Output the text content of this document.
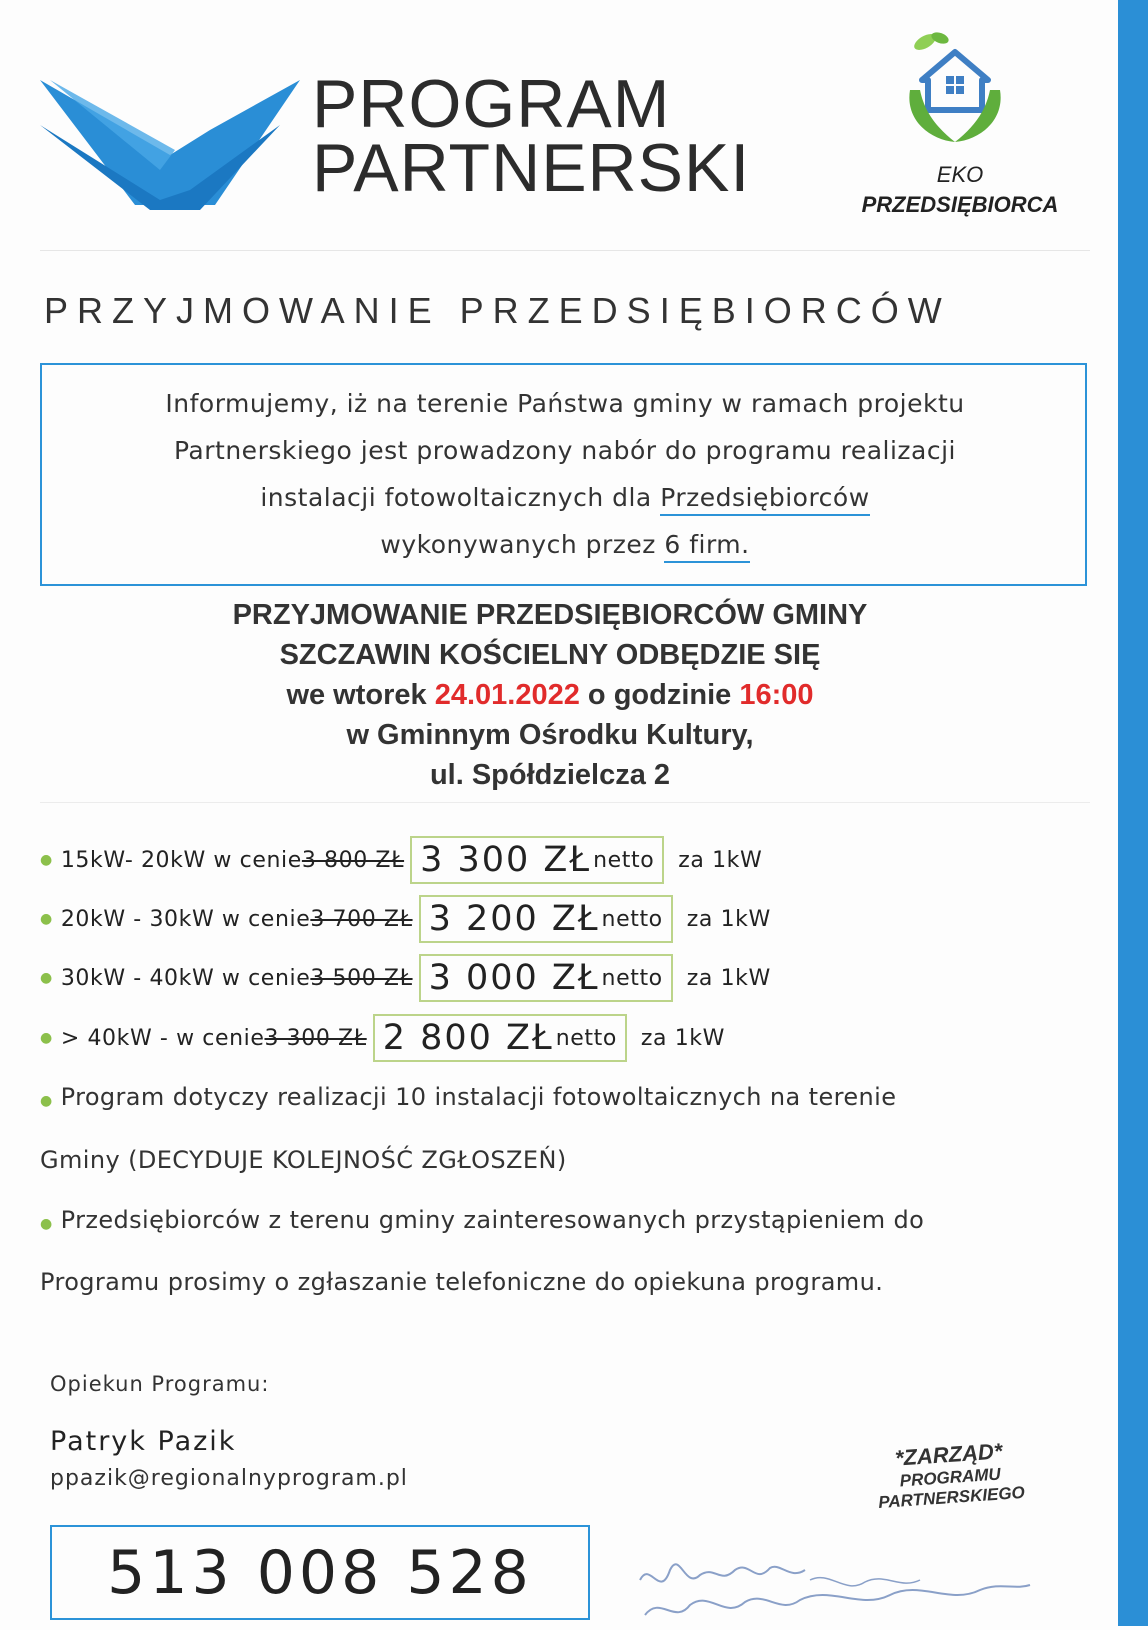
PROGRAM
PARTNERSKI	EKO
PRZEDSIĘBIORCA
PRZYJMOWANIE PRZEDSIĘBIORCÓW
Informujemy, iż na terenie Państwa gminy w ramach projektu
Partnerskiego jest prowadzony nabór do programu realizacji
instalacji fotowoltaicznych dla Przedsiębiorców
wykonywanych przez 6 firm.
PRZYJMOWANIE PRZEDSIĘBIORCÓW GMINY
SZCZAWIN KOŚCIELNY ODBĘDZIE SIĘ
we wtorek 24.01.2022 o godzinie 16:00
w Gminnym Ośrodku Kultury,
ul. Spółdzielcza 2
● 15kW- 20kW w cenie 3 800 ZŁ 3 300 ZŁ netto za 1kW
● 20kW - 30kW w cenie 3 700 ZŁ 3 200 ZŁ netto za 1kW
● 30kW - 40kW w cenie 3 500 ZŁ 3 000 ZŁ netto za 1kW
● > 40kW - w cenie 3 300 ZŁ 2 800 ZŁ netto za 1kW
● Program dotyczy realizacji 10 instalacji fotowoltaicznych na terenie
Gminy (DECYDUJE KOLEJNOŚĆ ZGŁOSZEŃ)
● Przedsiębiorców z terenu gminy zainteresowanych przystąpieniem do
Programu prosimy o zgłaszanie telefoniczne do opiekuna programu.
Opiekun Programu:
Patryk Pazik
ppazik@regionalnyprogram.pl
513 008 528
*ZARZĄD*
PROGRAMU
PARTNERSKIEGO
